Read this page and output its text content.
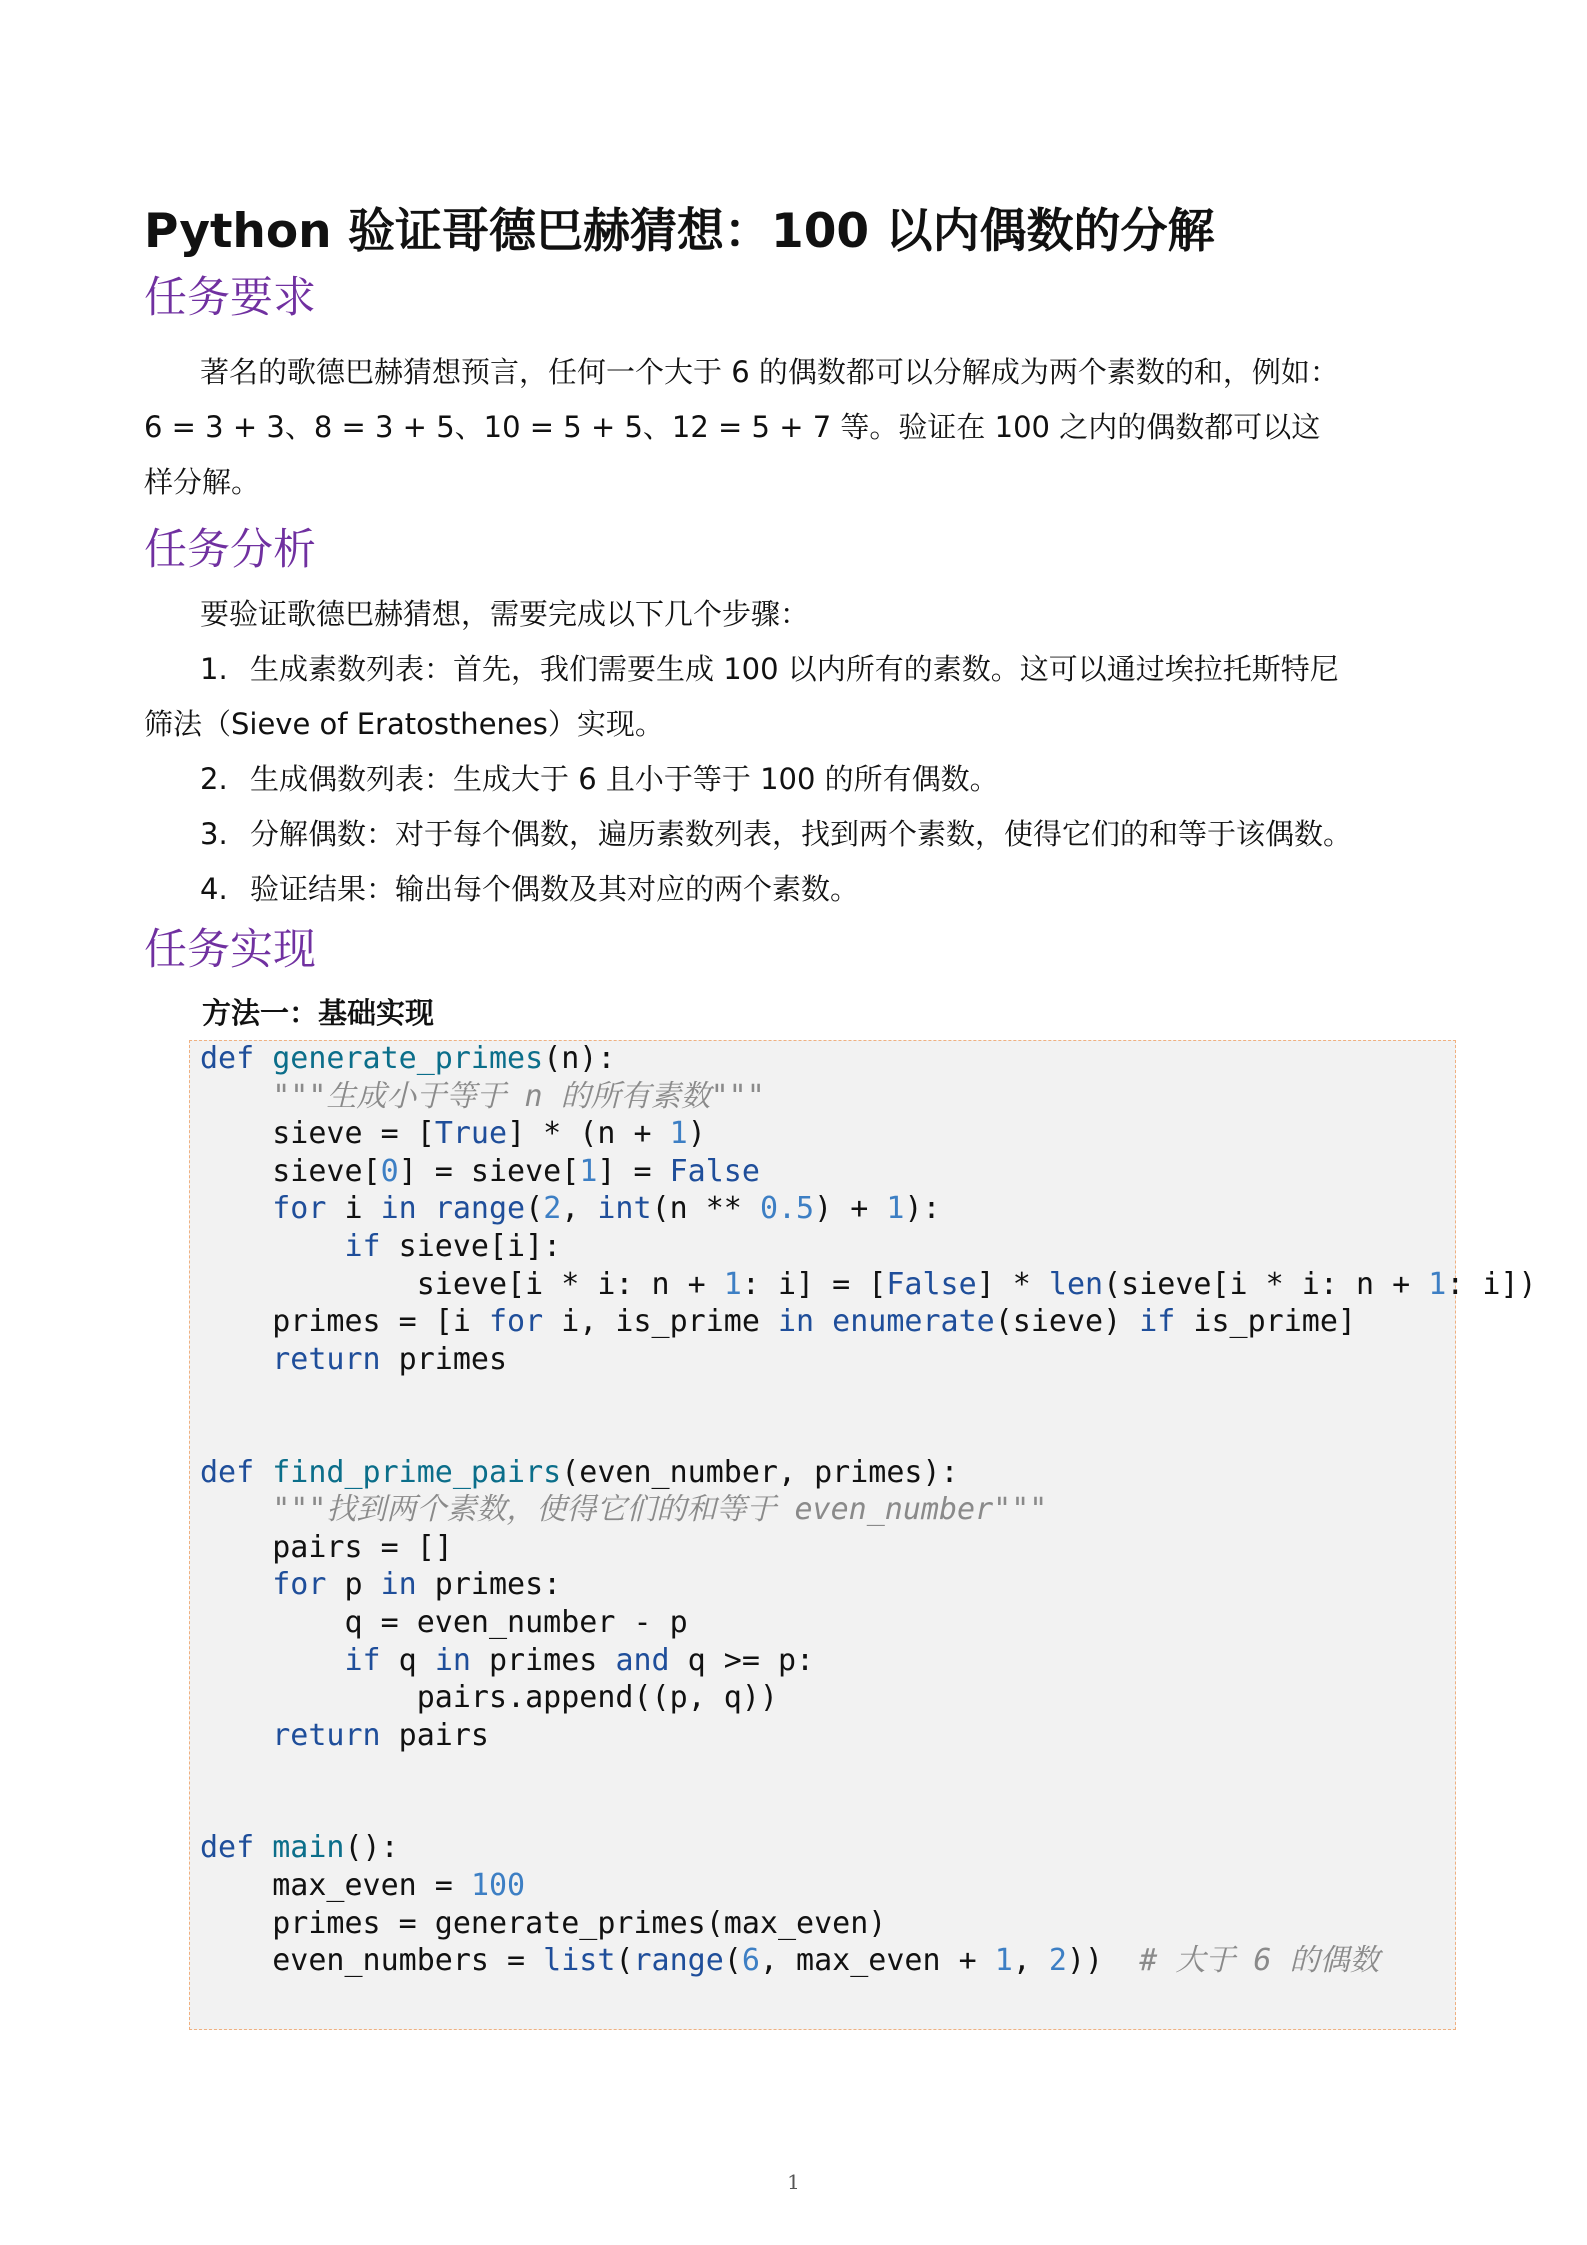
Python 验证哥德巴赫猜想：100 以内偶数的分解
任务要求
著名的歌德巴赫猜想预言，任何一个大于 6 的偶数都可以分解成为两个素数的和，例如：
6 = 3 + 3、8 = 3 + 5、10 = 5 + 5、12 = 5 + 7 等。验证在 100 之内的偶数都可以这
样分解。
任务分析
要验证歌德巴赫猜想，需要完成以下几个步骤：
1. 生成素数列表：首先，我们需要生成 100 以内所有的素数。这可以通过埃拉托斯特尼
筛法（Sieve of Eratosthenes）实现。
2. 生成偶数列表：生成大于 6 且小于等于 100 的所有偶数。
3. 分解偶数：对于每个偶数，遍历素数列表，找到两个素数，使得它们的和等于该偶数。
4. 验证结果：输出每个偶数及其对应的两个素数。
任务实现
方法一：基础实现
def generate_primes(n):
"""生成小于等于 n 的所有素数"""
sieve = [True] * (n + 1)
sieve[0] = sieve[1] = False
for i in range(2, int(n ** 0.5) + 1):
if sieve[i]:
sieve[i * i: n + 1: i] = [False] * len(sieve[i * i: n + 1: i])
primes = [i for i, is_prime in enumerate(sieve) if is_prime]
return primes

def find_prime_pairs(even_number, primes):
"""找到两个素数，使得它们的和等于 even_number"""
pairs = []
for p in primes:
q = even_number - p
if q in primes and q >= p:
pairs.append((p, q))
return pairs

def main():
max_even = 100
primes = generate_primes(max_even)
even_numbers = list(range(6, max_even + 1, 2))  # 大于 6 的偶数
1
